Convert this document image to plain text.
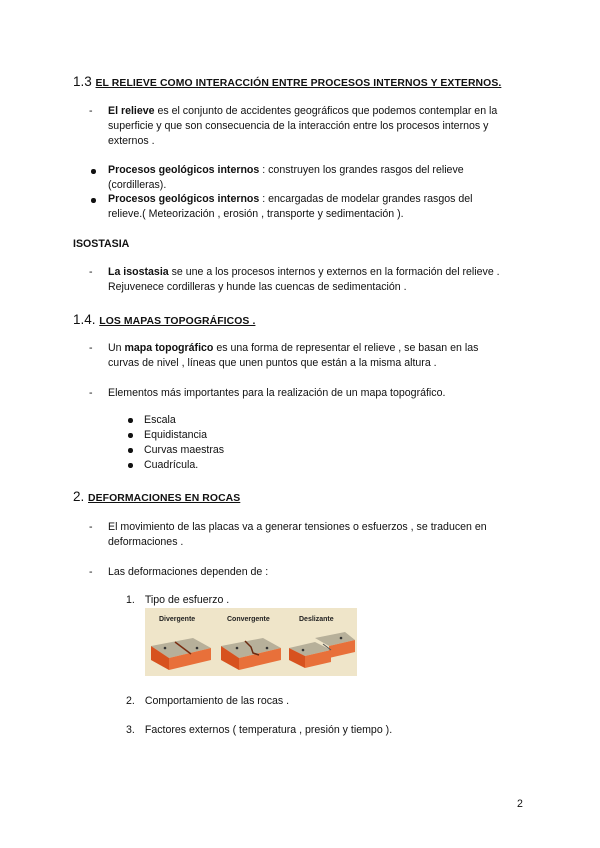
1.3 EL RELIEVE COMO INTERACCIÓN ENTRE PROCESOS INTERNOS Y EXTERNOS.
- El relieve es el conjunto de accidentes geográficos que podemos contemplar en la
superficie y que son consecuencia de la interacción entre los procesos internos y
externos .
Procesos geológicos internos : construyen los grandes rasgos del relieve
(cordilleras).
Procesos geológicos internos : encargadas de modelar grandes rasgos del
relieve.( Meteorización , erosión , transporte y sedimentación ).
ISOSTASIA
- La isostasia se une a los procesos internos y externos en la formación del relieve .
Rejuvenece cordilleras y hunde las cuencas de sedimentación .
1.4. LOS MAPAS TOPOGRÁFICOS .
- Un mapa topográfico es una forma de representar el relieve , se basan en las
curvas de nivel , líneas que unen puntos que están a la misma altura .
- Elementos más importantes para la realización de un mapa topográfico.
Escala
Equidistancia
Curvas maestras
Cuadrícula.
2. DEFORMACIONES EN ROCAS
- El movimiento de las placas va a generar tensiones o esfuerzos , se traducen en
deformaciones .
- Las deformaciones dependen de :
1. Tipo de esfuerzo .
Divergente	Convergente	Deslizante
2. Comportamiento de las rocas .
3. Factores externos ( temperatura , presión y tiempo ).
2
